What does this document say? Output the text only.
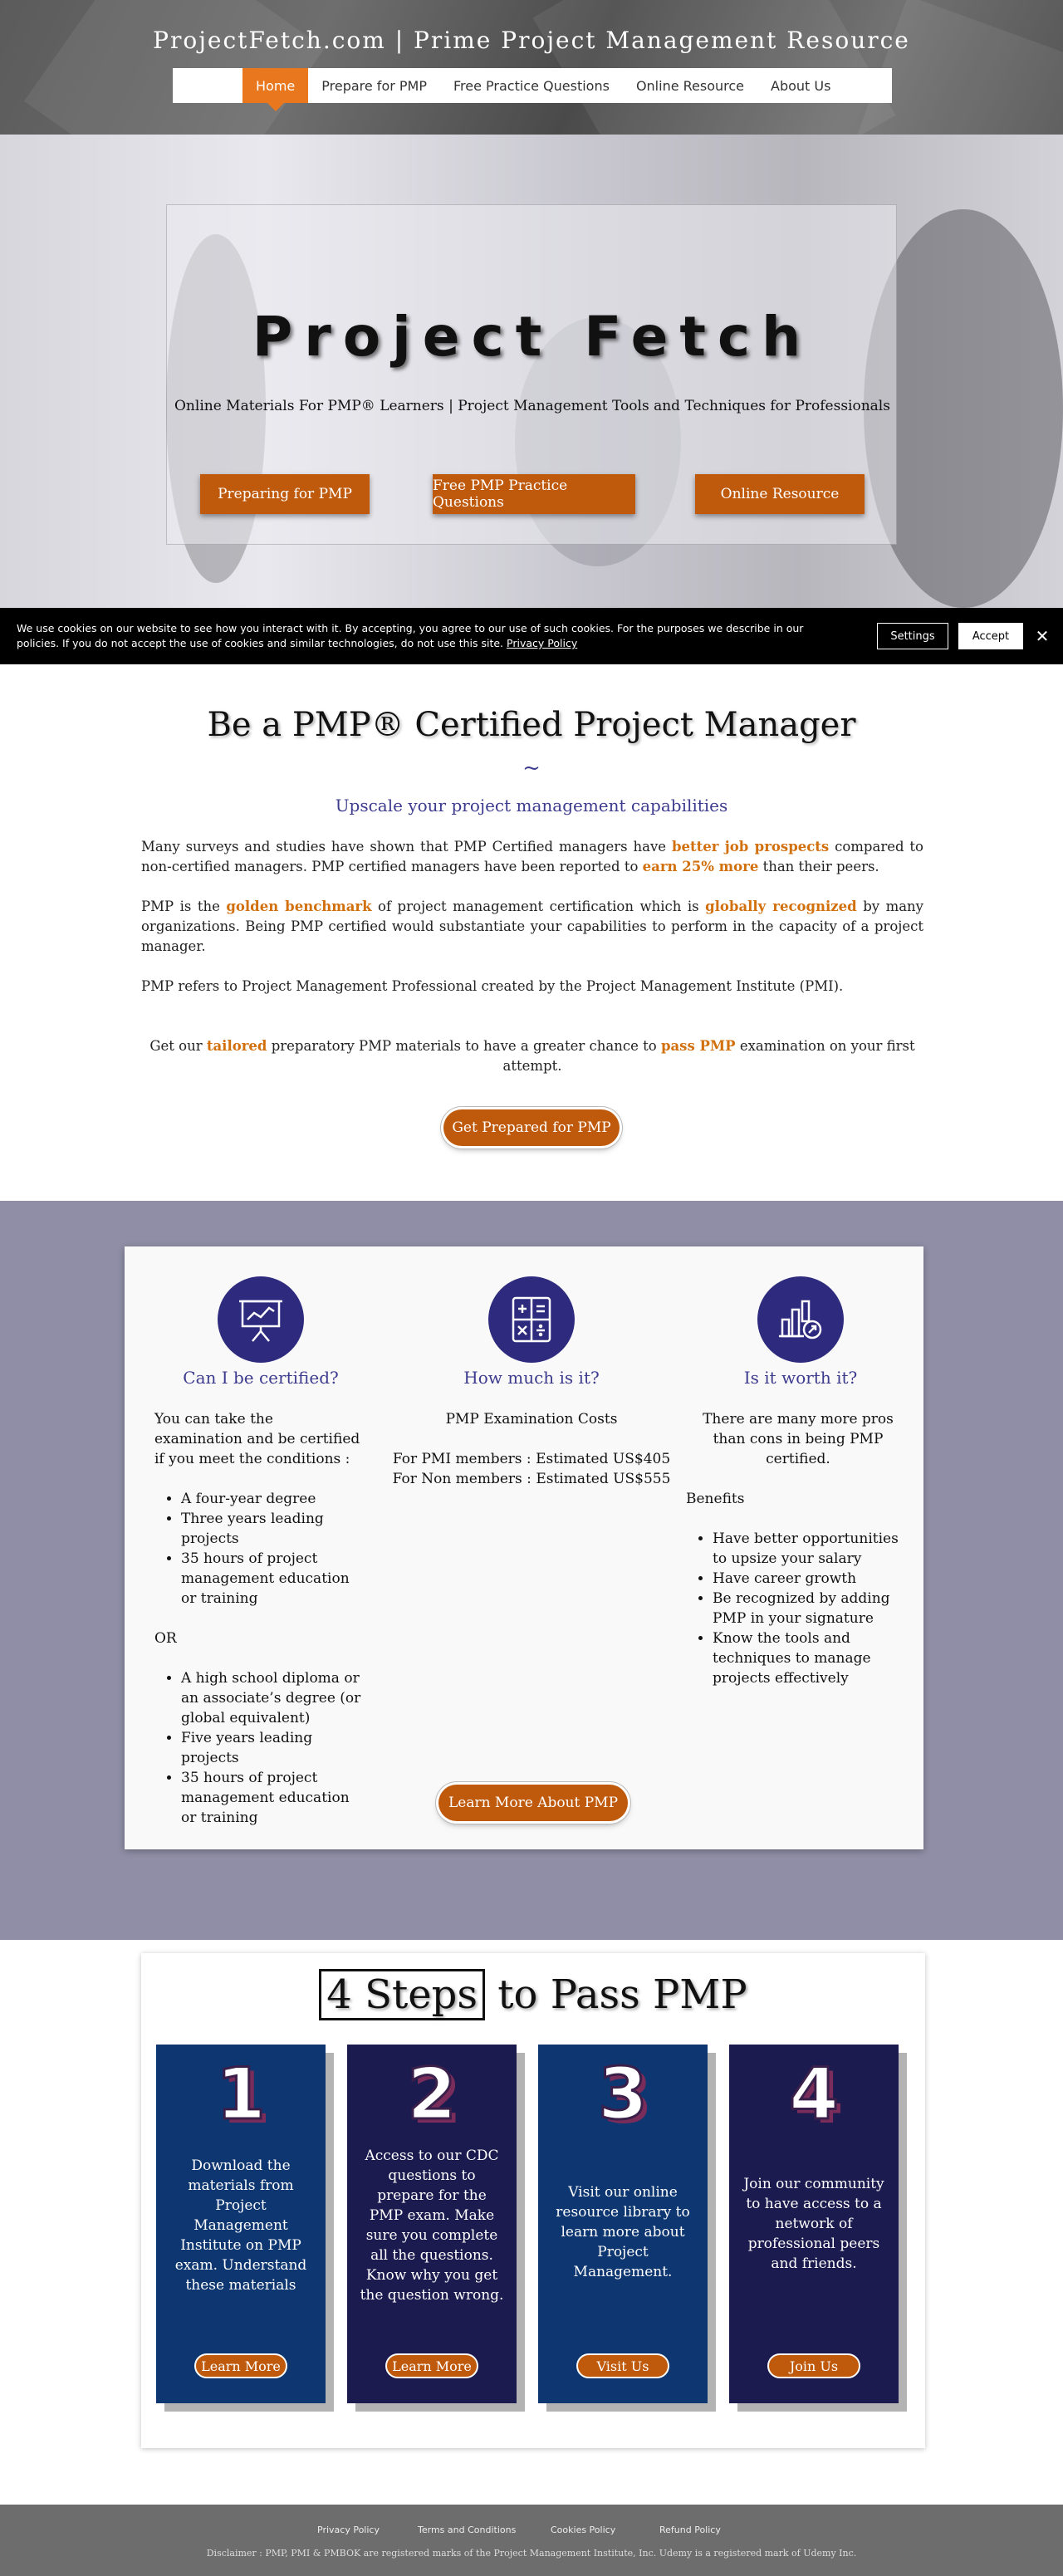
ProjectFetch.com | Prime Project Management Resource
Home	Prepare for PMP	Free Practice Questions	Online Resource	About Us
Project Fetch
Online Materials For PMP® Learners | Project Management Tools and Techniques for Professionals
Preparing for PMP	Free PMP Practice Questions	Online Resource
We use cookies on our website to see how you interact with it. By accepting, you agree to our use of such cookies. For the purposes we describe in our policies. If you do not accept the use of cookies and similar technologies, do not use this site. Privacy Policy
Settings	Accept	✕
Be a PMP® Certified Project Manager
~
Upscale your project management capabilities
Many surveys and studies have shown that PMP Certified managers have better job prospects compared to non-certified managers. PMP certified managers have been reported to earn 25% more than their peers.
PMP is the golden benchmark of project management certification which is globally recognized by many organizations. Being PMP certified would substantiate your capabilities to perform in the capacity of a project manager.
PMP refers to Project Management Professional created by the Project Management Institute (PMI).
Get our tailored preparatory PMP materials to have a greater chance to pass PMP examination on your first attempt.
Get Prepared for PMP
Can I be certified?

You can take the examination and be certified if you meet the conditions :

• A four-year degree
• Three years leading projects
• 35 hours of project management education or training

OR

• A high school diploma or an associate’s degree (or global equivalent)
• Five years leading projects
• 35 hours of project management education or training
How much is it?

PMP Examination Costs

For PMI members : Estimated US$405

For Non members : Estimated US$555

Is it worth it?

There are many more pros than cons in being PMP certified.

Benefits

• Have better opportunities to upsize your salary
• Have career growth
• Be recognized by adding PMP in your signature
• Know the tools and techniques to manage projects effectively
Learn More About PMP
4 Steps to Pass PMP
1
Download the materials from Project Management Institute on PMP exam. Understand these materials
Learn More
2
Access to our CDC questions to prepare for the PMP exam. Make sure you complete all the questions. Know why you get the question wrong.
Learn More
3
Visit our online resource library to learn more about Project Management.
Visit Us
4
Join our community to have access to a network of professional peers and friends.
Join Us
Privacy Policy	Terms and Conditions	Cookies Policy	Refund Policy
Disclaimer : PMP, PMI & PMBOK are registered marks of the Project Management Institute, Inc. Udemy is a registered mark of Udemy Inc.
